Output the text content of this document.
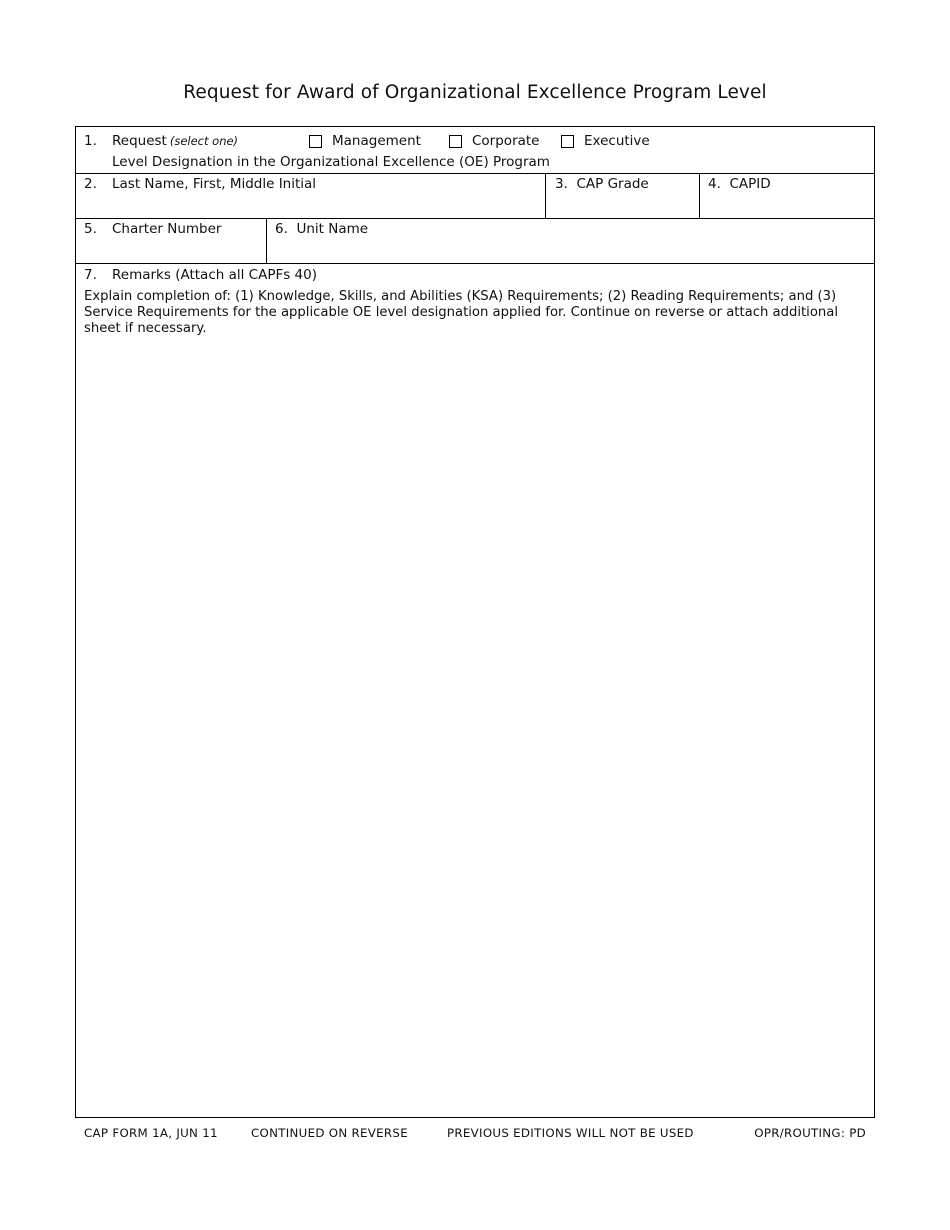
Request for Award of Organizational Excellence Program Level
1. Request (select one)	Management	Corporate	Executive
Level Designation in the Organizational Excellence (OE) Program
2. Last Name, First, Middle Initial	3. CAP Grade	4. CAPID
5. Charter Number	6. Unit Name
7. Remarks (Attach all CAPFs 40)
Explain completion of: (1) Knowledge, Skills, and Abilities (KSA) Requirements; (2) Reading Requirements; and (3) Service Requirements for the applicable OE level designation applied for. Continue on reverse or attach additional sheet if necessary.
CAP FORM 1A, JUN 11	CONTINUED ON REVERSE	PREVIOUS EDITIONS WILL NOT BE USED	OPR/ROUTING: PD
